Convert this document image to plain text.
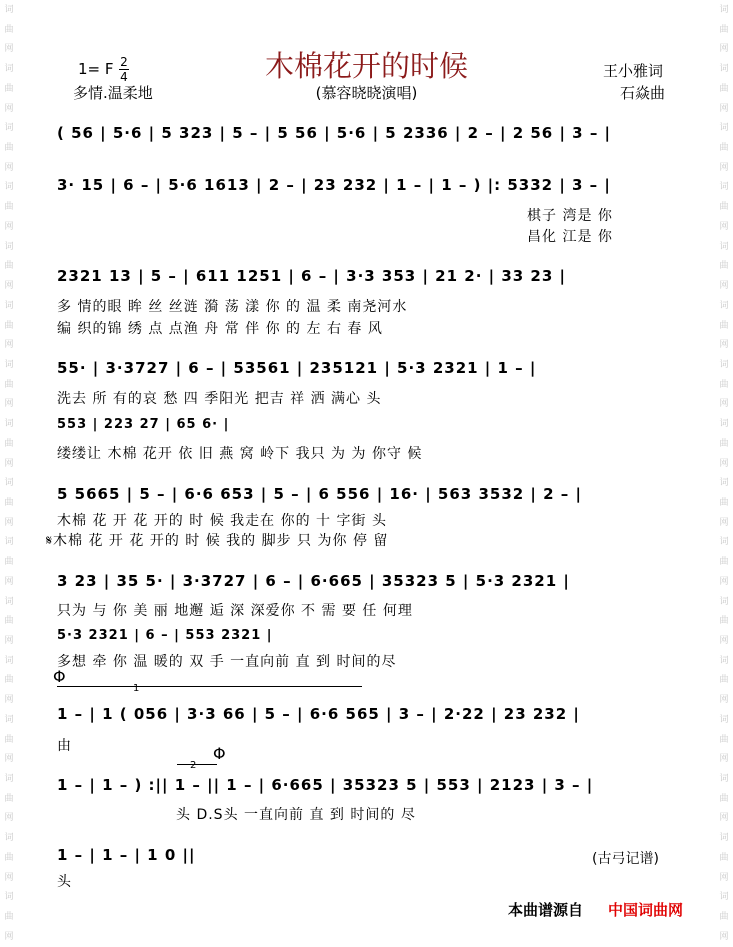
词
曲
网
词
曲
网
词
曲
网
词
曲
网
词
曲
网
词
曲
网
词
曲
网
词
曲
网
词
曲
网
词
曲
网
词
曲
网
词
曲
网
词
曲
网
词
曲
网
词
曲
网
词
曲
网
词
曲
网
词
曲
网
词
曲
网
词
曲
网
词
曲
网
词
曲
网
词
曲
网
词
曲
网
词
曲
网
词
曲
网
词
曲
网
词
曲
网
词
曲
网
词
曲
网
词
曲
网
词
曲
网
1= F 2
4	木棉花开的时候
(慕容晓晓演唱)
多情.温柔地
王小雅词
石焱曲
( 56 | 5·6 | 5 323 | 5 – | 5 56 | 5·6 | 5 2336 | 2 – | 2 56 | 3 – |
3· 15 | 6 – | 5·6 1613 | 2 – | 23 232 | 1 – | 1 – ) |: 5332 | 3 – |
棋子 湾是 你
昌化 江是 你
2321 13 | 5 – | 611 1251 | 6 – | 3·3 353 | 21 2· | 33 23 |
多 情的眼 眸 丝 丝涟 漪 荡 漾 你 的 温 柔 南尧河水
编 织的锦 绣 点 点渔 舟 常 伴 你 的 左 右 春 风
55· | 3·3727 | 6 – | 53561 | 235121 | 5·3 2321 | 1 – |
洗去 所 有的哀 愁 四 季阳光 把吉 祥 洒 满心 头
553 | 223 27 | 65 6· |
缕缕让 木棉 花开 依 旧 燕 窝 岭下 我只 为 为 你守 候
5 5665 | 5 – | 6·6 653 | 5 – | 6 556 | 16· | 563 3532 | 2 – |
木棉 花 开 花 开的 时 候 我走在 你的 十 字街 头
𝄋木棉 花 开 花 开的 时 候 我的 脚步 只 为你 停 留
3 23 | 35 5· | 3·3727 | 6 – | 6·665 | 35323 5 | 5·3 2321 |
只为 与 你 美 丽 地邂 逅 深 深爱你 不 需 要 任 何理
5·3 2321 | 6 – | 553 2321 |
多想 牵 你 温 暖的 双 手 一直向前 直 到 时间的尽
Φ
1
1 – | 1 ( 056 | 3·3 66 | 5 – | 6·6 565 | 3 – | 2·22 | 23 232 |
由
2
Φ
1 – | 1 – ) :|| 1 – || 1 – | 6·665 | 35323 5 | 553 | 2123 | 3 – |
头 D.S头 一直向前 直 到 时间的 尽
1 – | 1 – | 1 0 ||
头
(古弓记谱)
本曲谱源自 中国词曲网
